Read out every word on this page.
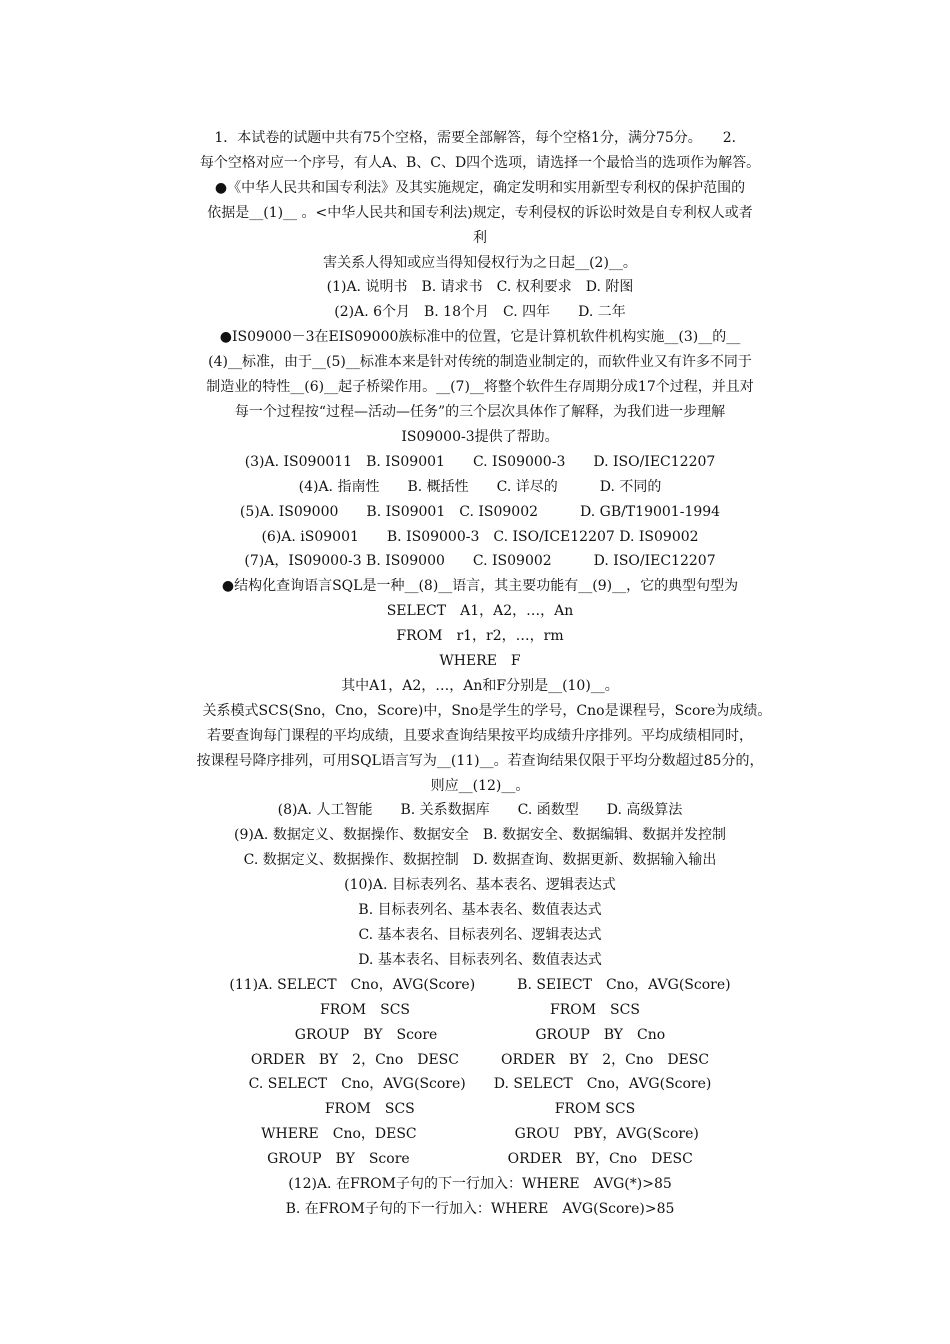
1．本试卷的试题中共有75个空格，需要全部解答，每个空格1分，满分75分。　　2．
每个空格对应一个序号，有人A、B、C、D四个选项，请选择一个最恰当的选项作为解答。
●《中华人民共和国专利法》及其实施规定，确定发明和实用新型专利权的保护范围的
依据是__(1)__ 。<中华人民共和国专利法)规定，专利侵权的诉讼时效是自专利权人或者
利
害关系人得知或应当得知侵权行为之日起__(2)__。
(1)A. 说明书　B. 请求书　C. 权利要求　D. 附图
(2)A. 6个月　B. 18个月　C. 四年　　D. 二年
●IS09000－3在EIS09000族标准中的位置，它是计算机软件机构实施__(3)__的__
(4)__标准，由于__(5)__标准本来是针对传统的制造业制定的，而软件业又有许多不同于
制造业的特性__(6)__起子桥梁作用。__(7)__将整个软件生存周期分成17个过程，并且对
每一个过程按“过程—活动—任务”的三个层次具体作了解释，为我们进一步理解
IS09000-3提供了帮助。
(3)A. IS090011　B. IS09001　　C. IS09000-3　　D. ISO/IEC12207
(4)A. 指南性　　B. 概括性　　C. 详尽的　　　D. 不同的
(5)A. IS09000　　B. IS09001　C. IS09002　　　D. GB/T19001-1994
(6)A. iS09001　　B. IS09000-3　C. ISO/ICE12207 D. IS09002
(7)A，IS09000-3 B. IS09000　　C. IS09002　　　D. ISO/IEC12207
●结构化查询语言SQL是一种__(8)__语言，其主要功能有__(9)__，它的典型句型为
SELECT　A1，A2，…，An
FROM　r1，r2，…，rm
WHERE　F
其中A1，A2，…，An和F分别是__(10)__。
　关系模式SCS(Sno，Cno，Score)中，Sno是学生的学号，Cno是课程号，Score为成绩。
若要查询每门课程的平均成绩，且要求查询结果按平均成绩升序排列。平均成绩相同时，
按课程号降序排列，可用SQL语言写为__(11)__。若查询结果仅限于平均分数超过85分的，
则应__(12)__。
(8)A. 人工智能　　B. 关系数据库　　C. 函数型　　D. 高级算法
(9)A. 数据定义、数据操作、数据安全　B. 数据安全、数据编辑、数据并发控制
C. 数据定义、数据操作、数据控制　D. 数据查询、数据更新、数据输入输出
(10)A. 目标表列名、基本表名、逻辑表达式
B. 目标表列名、基本表名、数值表达式
C. 基本表名、目标表列名、逻辑表达式
D. 基本表名、目标表列名、数值表达式
(11)A. SELECT　Cno，AVG(Score)　　　B. SEIECT　Cno，AVG(Score)
FROM　SCS　　　　　　　　　　FROM　SCS
GROUP　BY　Score　　　　　　　GROUP　BY　Cno
ORDER　BY　2，Cno　DESC　　　ORDER　BY　2，Cno　DESC
C. SELECT　Cno，AVG(Score)　　D. SELECT　Cno，AVG(Score)
FROM　SCS　　　　　　　　　　FROM SCS
WHERE　Cno，DESC　　　　　　　GROU　PBY，AVG(Score)
GROUP　BY　Score　　　　　　　ORDER　BY，Cno　DESC
(12)A. 在FROM子句的下一行加入：WHERE　AVG(*)>85
B. 在FROM子句的下一行加入：WHERE　AVG(Score)>85
